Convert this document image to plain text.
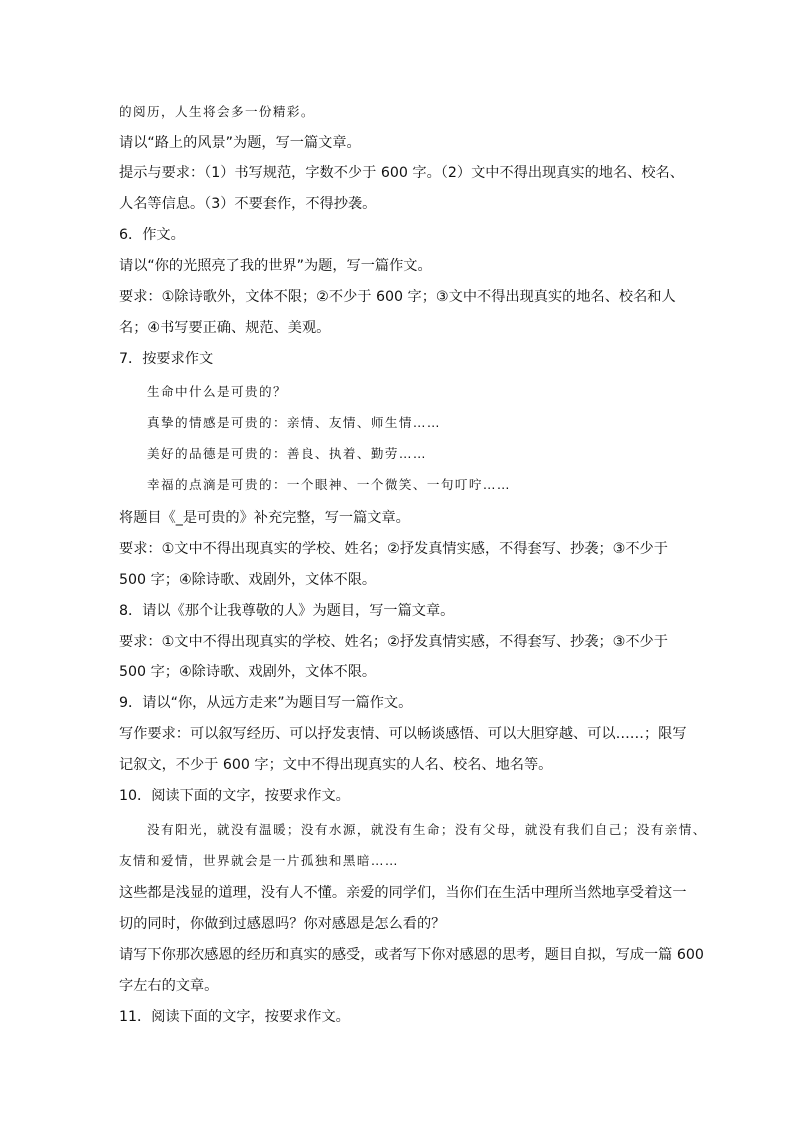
的阅历，人生将会多一份精彩。
请以“路上的风景”为题，写一篇文章。
提示与要求：（1）书写规范，字数不少于 600 字。（2）文中不得出现真实的地名、校名、
人名等信息。（3）不要套作，不得抄袭。
6．作文。
请以“你的光照亮了我的世界”为题，写一篇作文。
要求：①除诗歌外，文体不限；②不少于 600 字；③文中不得出现真实的地名、校名和人
名；④书写要正确、规范、美观。
7．按要求作文
生命中什么是可贵的？
真挚的情感是可贵的：亲情、友情、师生情……
美好的品德是可贵的：善良、执着、勤劳……
幸福的点滴是可贵的：一个眼神、一个微笑、一句叮咛……
将题目《_是可贵的》补充完整，写一篇文章。
要求：①文中不得出现真实的学校、姓名；②抒发真情实感，不得套写、抄袭；③不少于
500 字；④除诗歌、戏剧外，文体不限。
8．请以《那个让我尊敬的人》为题目，写一篇文章。
要求：①文中不得出现真实的学校、姓名；②抒发真情实感，不得套写、抄袭；③不少于
500 字；④除诗歌、戏剧外，文体不限。
9．请以“你，从远方走来”为题目写一篇作文。
写作要求：可以叙写经历、可以抒发衷情、可以畅谈感悟、可以大胆穿越、可以……；限写
记叙文，不少于 600 字；文中不得出现真实的人名、校名、地名等。
10．阅读下面的文字，按要求作文。
没有阳光，就没有温暖；没有水源，就没有生命；没有父母，就没有我们自己；没有亲情、
友情和爱情，世界就会是一片孤独和黑暗……
这些都是浅显的道理，没有人不懂。亲爱的同学们，当你们在生活中理所当然地享受着这一
切的同时，你做到过感恩吗？你对感恩是怎么看的？
请写下你那次感恩的经历和真实的感受，或者写下你对感恩的思考，题目自拟，写成一篇 600
字左右的文章。
11．阅读下面的文字，按要求作文。
